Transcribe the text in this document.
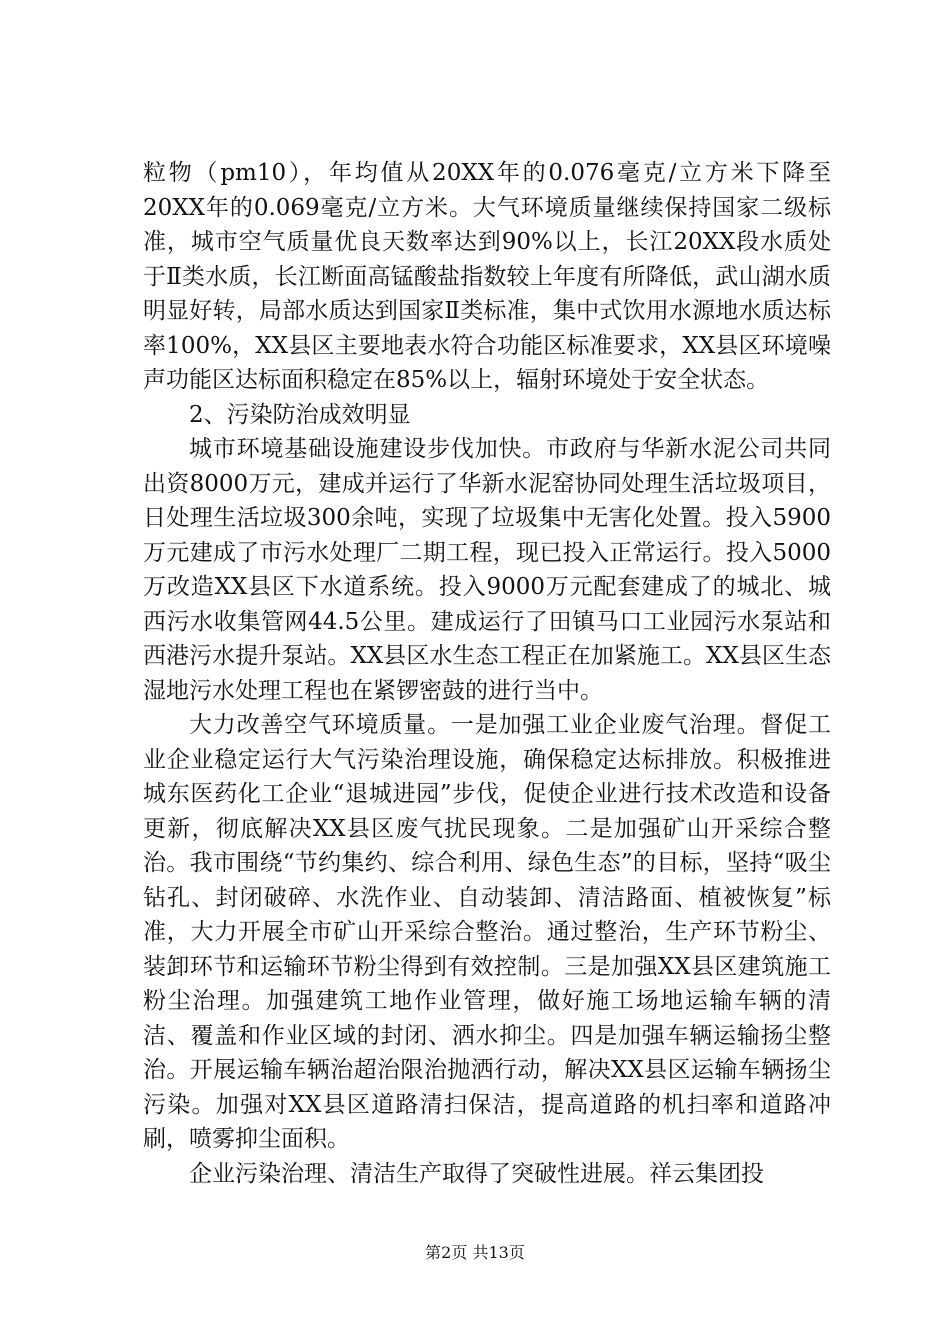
粒物（pm10），年均值从20XX年的0.076毫克/立方米下降至20XX年的0.069毫克/立方米。大气环境质量继续保持国家二级标准，城市空气质量优良天数率达到90%以上，长江20XX段水质处于Ⅱ类水质，长江断面高锰酸盐指数较上年度有所降低，武山湖水质明显好转，局部水质达到国家Ⅱ类标准，集中式饮用水源地水质达标率100%，XX县区主要地表水符合功能区标准要求，XX县区环境噪声功能区达标面积稳定在85%以上，辐射环境处于安全状态。

2、污染防治成效明显

城市环境基础设施建设步伐加快。市政府与华新水泥公司共同出资8000万元，建成并运行了华新水泥窑协同处理生活垃圾项目，日处理生活垃圾300余吨，实现了垃圾集中无害化处置。投入5900万元建成了市污水处理厂二期工程，现已投入正常运行。投入5000万改造XX县区下水道系统。投入9000万元配套建成了的城北、城西污水收集管网44.5公里。建成运行了田镇马口工业园污水泵站和西港污水提升泵站。XX县区水生态工程正在加紧施工。XX县区生态湿地污水处理工程也在紧锣密鼓的进行当中。

大力改善空气环境质量。一是加强工业企业废气治理。督促工业企业稳定运行大气污染治理设施，确保稳定达标排放。积极推进城东医药化工企业“退城进园”步伐，促使企业进行技术改造和设备更新，彻底解决XX县区废气扰民现象。二是加强矿山开采综合整治。我市围绕“节约集约、综合利用、绿色生态”的目标，坚持“吸尘钻孔、封闭破碎、水洗作业、自动装卸、清洁路面、植被恢复”标准，大力开展全市矿山开采综合整治。通过整治，生产环节粉尘、装卸环节和运输环节粉尘得到有效控制。三是加强XX县区建筑施工粉尘治理。加强建筑工地作业管理，做好施工场地运输车辆的清洁、覆盖和作业区域的封闭、洒水抑尘。四是加强车辆运输扬尘整治。开展运输车辆治超治限治抛洒行动，解决XX县区运输车辆扬尘污染。加强对XX县区道路清扫保洁，提高道路的机扫率和道路冲刷，喷雾抑尘面积。

企业污染治理、清洁生产取得了突破性进展。祥云集团投

第2页 共13页
